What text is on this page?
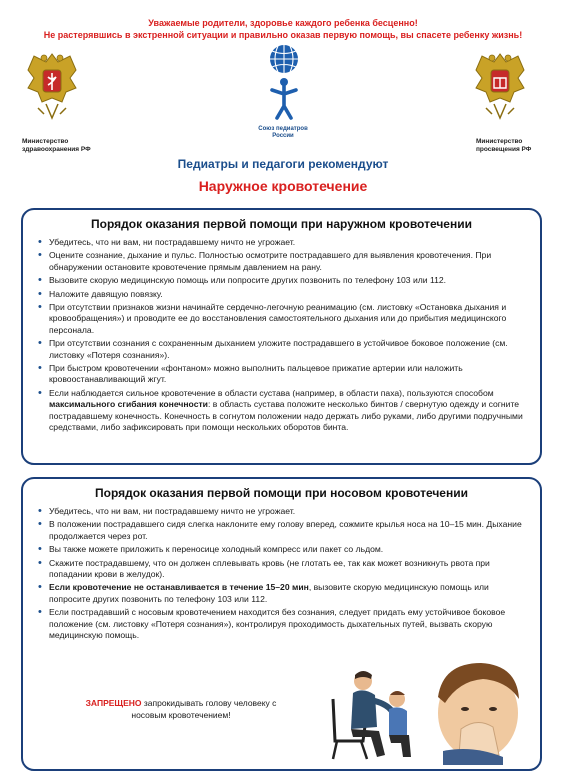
Уважаемые родители, здоровье каждого ребенка бесценно!
Не растерявшись в экстренной ситуации и правильно оказав первую помощь, вы спасете ребенку жизнь!
Министерство здравоохранения РФ
Союз педиатров России
Министерство просвещения РФ
Педиатры и педагоги рекомендуют
Наружное кровотечение
Порядок оказания первой помощи при наружном кровотечении
• Убедитесь, что ни вам, ни пострадавшему ничто не угрожает.
• Оцените сознание, дыхание и пульс. Полностью осмотрите пострадавшего для выявления кровотечения. При обнаружении остановите кровотечение прямым давлением на рану.
• Вызовите скорую медицинскую помощь или попросите других позвонить по телефону 103 или 112.
• Наложите давящую повязку.
• При отсутствии признаков жизни начинайте сердечно-легочную реанимацию (см. листовку «Остановка дыхания и кровообращения») и проводите ее до восстановления самостоятельного дыхания или до прибытия медицинского персонала.
• При отсутствии сознания с сохраненным дыханием уложите пострадавшего в устойчивое боковое положение (см. листовку «Потеря сознания»).
• При быстром кровотечении «фонтаном» можно выполнить пальцевое прижатие артерии или наложить кровоостанавливающий жгут.
• Если наблюдается сильное кровотечение в области сустава (например, в области паха), пользуются способом максимального сгибания конечности: в область сустава положите несколько бинтов / свернутую одежду и согните пострадавшему конечность. Конечность в согнутом положении надо держать либо руками, либо другими подручными средствами, либо зафиксировать при помощи нескольких оборотов бинта.
Порядок оказания первой помощи при носовом кровотечении
• Убедитесь, что ни вам, ни пострадавшему ничто не угрожает.
• В положении пострадавшего сидя слегка наклоните ему голову вперед, сожмите крылья носа на 10–15 мин. Дыхание продолжается через рот.
• Вы также можете приложить к переносице холодный компресс или пакет со льдом.
• Скажите пострадавшему, что он должен сплевывать кровь (не глотать ее, так как может возникнуть рвота при попадании крови в желудок).
• Если кровотечение не останавливается в течение 15–20 мин, вызовите скорую медицинскую помощь или попросите других позвонить по телефону 103 или 112.
• Если пострадавший с носовым кровотечением находится без сознания, следует придать ему устойчивое боковое положение (см. листовку «Потеря сознания»), контролируя проходимость дыхательных путей, вызвать скорую медицинскую помощь.
ЗАПРЕЩЕНО запрокидывать голову человеку с носовым кровотечением!
